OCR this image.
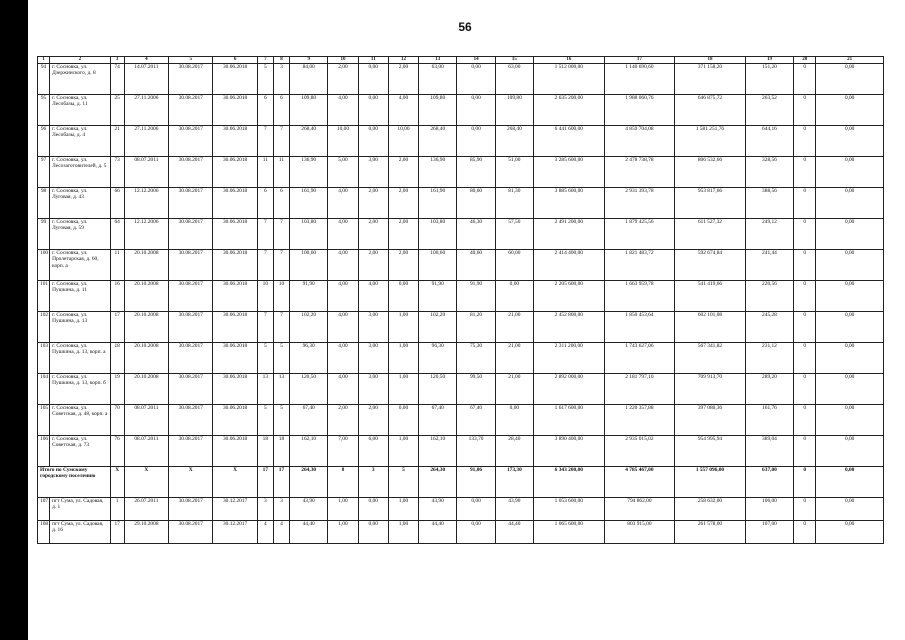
56
1	2	3	4	5	6	7	8	9	10	11	12	13	14	15	16	17	18	19	20	21
94	г. Сосновка, ул. Дзержинского, д. 8	74	14.07.2011	30.08.2017	30.06.2018	5	3	84,00	2,00	0,00	2,00	63,00	0,00	63,00	1 512 000,00	1 140 690,60	371 158,20	151,20	0	0,00
95	г. Сосновка, ул. Лесобазы, д. 11	25	27.11.2006	30.08.2017	30.06.2018	6	6	109,80	4,00	0,00	4,00	109,80	0,00	109,80	2 635 200,00	1 988 060,76	646 875,72	263,52	0	0,00
96	г. Сосновка, ул. Лесобазы, д. 4	21	27.11.2006	30.08.2017	30.06.2018	7	7	268,40	10,00	0,00	10,00	268,40	0,00	268,40	6 441 600,00	4 859 704,08	1 581 251,76	644,16	0	0,00
97	г. Сосновка, ул. Лесозаготовителей, д. 5	73	08.07.2011	30.08.2017	30.06.2018	11	11	136,90	5,00	3,00	2,00	136,90	85,90	51,00	3 285 600,00	2 478 738,78	806 532,66	328,56	0	0,00
98	г. Сосновка, ул. Луговая, д. 43	66	12.12.2006	30.08.2017	30.06.2018	6	6	161,90	4,00	2,00	2,00	161,90	80,60	81,30	3 885 600,00	2 931 393,78	953 817,66	388,56	0	0,00
99	г. Сосновка, ул. Луговая, д. 59	64	12.12.2006	30.08.2017	30.06.2018	7	7	103,80	4,00	2,00	2,00	103,80	46,30	57,50	2 491 200,00	1 879 425,56	611 527,32	249,12	0	0,00
100	г. Сосновка, ул. Пролетарская, д. 60, корп. а	11	20.10.2008	30.08.2017	30.06.2018	7	7	100,60	4,00	2,00	2,00	100,60	40,60	60,00	2 414 400,00	1 821 483,72	592 674,84	241,44	0	0,00
101	г. Сосновка, ул. Пушкина, д. 11	16	20.10.2008	30.08.2017	30.06.2018	10	10	91,90	4,00	4,00	0,00	91,90	91,90	0,00	2 205 600,00	1 663 959,78	541 419,66	220,56	0	0,00
102	г. Сосновка, ул. Пушкина, д. 13	17	20.10.2008	30.08.2017	30.06.2018	7	7	102,20	4,00	3,00	1,00	102,20	81,20	21,00	2 452 800,00	1 850 453,64	602 101,08	245,28	0	0,00
103	г. Сосновка, ул. Пушкина, д. 13, корп. а	18	20.10.2008	30.08.2017	30.06.2018	5	5	96,30	4,00	3,00	1,00	96,30	75,30	21,00	2 311 200,00	1 743 627,06	567 341,82	231,12	0	0,00
104	г. Сосновка, ул. Пушкина, д. 13, корп. б	19	20.10.2008	30.08.2017	30.06.2018	13	13	120,50	4,00	3,00	1,00	120,50	99,50	21,00	2 892 000,00	2 181 797,10	709 913,70	289,20	0	0,00
105	г. Сосновка, ул. Советская, д. 48, корп. а	70	08.07.2011	30.08.2017	30.06.2018	5	5	67,40	2,00	2,00	0,00	67,40	67,40	0,00	1 617 600,00	1 220 357,88	397 080,36	161,76	0	0,00
106	г. Сосновка, ул. Советская, д. 73	76	08.07.2011	30.08.2017	30.06.2018	18	18	162,10	7,00	6,00	1,00	162,10	133,70	28,40	3 890 400,00	2 935 015,02	954 995,94	389,04	0	0,00
Итого по Сумскому городскому поселению		X	X	X	X	17	17	264,30	8	3	5	264,30	91,06	173,30	6 343 200,00	4 785 467,00	1 557 096,00	637,00	0	0,00
107	пгт Сума, ул. Садовая, д. 1	1	26.07.2011	30.08.2017	30.12.2017	3	3	43,90	1,00	0,00	1,00	43,90	0,00	43,90	1 053 600,00	794 862,00	258 632,00	106,00	0	0,00
108	пгт Сума, ул. Садовая, д. 16	17	29.10.2008	30.08.2017	30.12.2017	4	4	44,40	1,00	0,00	1,00	44,40	0,00	44,40	1 065 600,00	803 915,00	261 578,00	107,00	0	0,00
